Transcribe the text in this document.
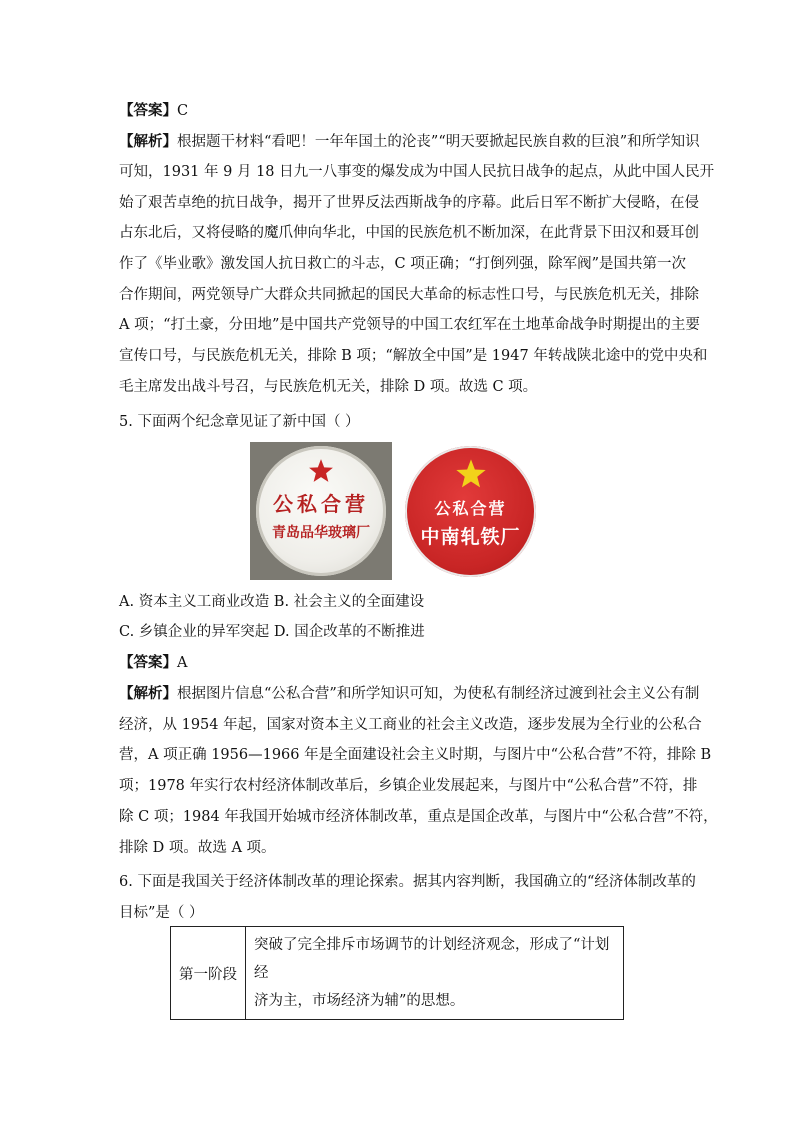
【答案】C
【解析】根据题干材料“看吧！一年年国土的沦丧”“明天要掀起民族自救的巨浪”和所学知识
可知，1931 年 9 月 18 日九一八事变的爆发成为中国人民抗日战争的起点，从此中国人民开
始了艰苦卓绝的抗日战争，揭开了世界反法西斯战争的序幕。此后日军不断扩大侵略，在侵
占东北后，又将侵略的魔爪伸向华北，中国的民族危机不断加深，在此背景下田汉和聂耳创
作了《毕业歌》激发国人抗日救亡的斗志，C 项正确；“打倒列强，除军阀”是国共第一次
合作期间，两党领导广大群众共同掀起的国民大革命的标志性口号，与民族危机无关，排除
A 项；“打土豪，分田地”是中国共产党领导的中国工农红军在土地革命战争时期提出的主要
宣传口号，与民族危机无关，排除 B 项；“解放全中国”是 1947 年转战陕北途中的党中央和
毛主席发出战斗号召，与民族危机无关，排除 D 项。故选 C 项。
5. 下面两个纪念章见证了新中国（ ）
公私合营
青岛品华玻璃厂
公私合营
中南轧铁厂
A. 资本主义工商业改造 B. 社会主义的全面建设
C. 乡镇企业的异军突起 D. 国企改革的不断推进
【答案】A
【解析】根据图片信息“公私合营”和所学知识可知，为使私有制经济过渡到社会主义公有制
经济，从 1954 年起，国家对资本主义工商业的社会主义改造，逐步发展为全行业的公私合
营，A 项正确 1956—1966 年是全面建设社会主义时期，与图片中“公私合营”不符，排除 B
项；1978 年实行农村经济体制改革后，乡镇企业发展起来，与图片中“公私合营”不符，排
除 C 项；1984 年我国开始城市经济体制改革，重点是国企改革，与图片中“公私合营”不符，
排除 D 项。故选 A 项。
6. 下面是我国关于经济体制改革的理论探索。据其内容判断，我国确立的“经济体制改革的
目标”是（ ）
第一阶段	
突破了完全排斥市场调节的计划经济观念，形成了“计划经
济为主，市场经济为辅”的思想。
